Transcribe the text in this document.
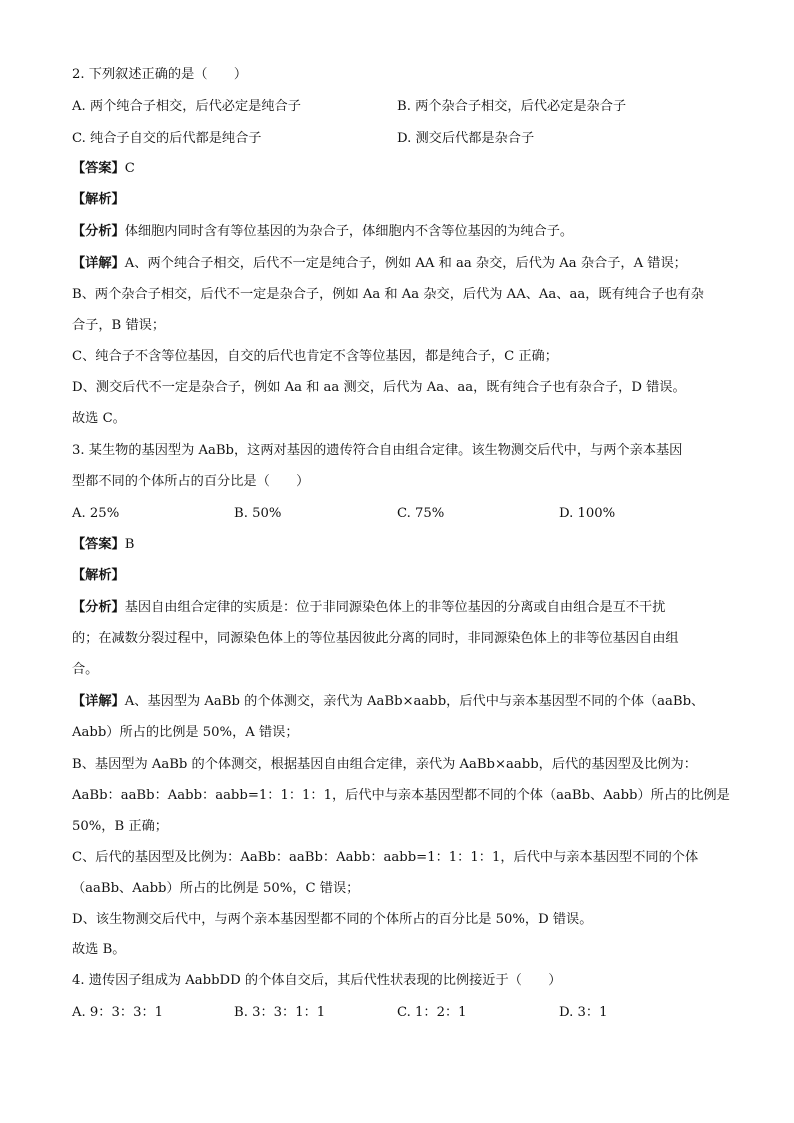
2. 下列叙述正确的是（　　）
A. 两个纯合子相交，后代必定是纯合子	B. 两个杂合子相交，后代必定是杂合子
C. 纯合子自交的后代都是纯合子	D. 测交后代都是杂合子
【答案】C
【解析】
【分析】体细胞内同时含有等位基因的为杂合子，体细胞内不含等位基因的为纯合子。
【详解】A、两个纯合子相交，后代不一定是纯合子，例如 AA 和 aa 杂交，后代为 Aa 杂合子，A 错误；
B、两个杂合子相交，后代不一定是杂合子，例如 Aa 和 Aa 杂交，后代为 AA、Aa、aa，既有纯合子也有杂
合子，B 错误；
C、纯合子不含等位基因，自交的后代也肯定不含等位基因，都是纯合子，C 正确；
D、测交后代不一定是杂合子，例如 Aa 和 aa 测交，后代为 Aa、aa，既有纯合子也有杂合子，D 错误。
故选 C。
3. 某生物的基因型为 AaBb，这两对基因的遗传符合自由组合定律。该生物测交后代中，与两个亲本基因
型都不同的个体所占的百分比是（　　）
A. 25%	B. 50%	C. 75%	D. 100%
【答案】B
【解析】
【分析】基因自由组合定律的实质是：位于非同源染色体上的非等位基因的分离或自由组合是互不干扰
的；在减数分裂过程中，同源染色体上的等位基因彼此分离的同时，非同源染色体上的非等位基因自由组
合。
【详解】A、基因型为 AaBb 的个体测交，亲代为 AaBb×aabb，后代中与亲本基因型不同的个体（aaBb、
Aabb）所占的比例是 50%，A 错误；
B、基因型为 AaBb 的个体测交，根据基因自由组合定律，亲代为 AaBb×aabb，后代的基因型及比例为：
AaBb：aaBb：Aabb：aabb=1：1：1：1，后代中与亲本基因型都不同的个体（aaBb、Aabb）所占的比例是
50%，B 正确；
C、后代的基因型及比例为：AaBb：aaBb：Aabb：aabb=1：1：1：1，后代中与亲本基因型不同的个体
（aaBb、Aabb）所占的比例是 50%，C 错误；
D、该生物测交后代中，与两个亲本基因型都不同的个体所占的百分比是 50%，D 错误。
故选 B。
4. 遗传因子组成为 AabbDD 的个体自交后，其后代性状表现的比例接近于（　　）
A. 9：3：3：1	B. 3：3：1：1	C. 1：2：1	D. 3：1
